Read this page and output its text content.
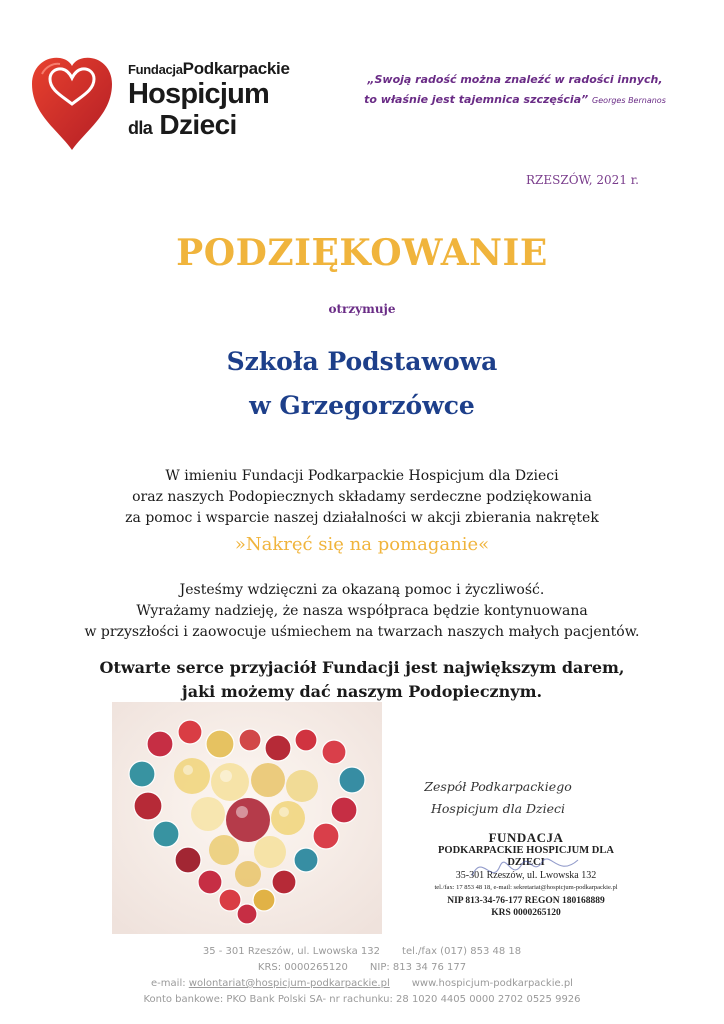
FundacjaPodkarpackie
Hospicjum
dla Dzieci
„Swoją radość można znaleźć w radości innych,
to właśnie jest tajemnica szczęścia” Georges Bernanos
RZESZÓW, 2021 r.
PODZIĘKOWANIE
otrzymuje
Szkoła Podstawowa
w Grzegorzówce
W imieniu Fundacji Podkarpackie Hospicjum dla Dzieci
oraz naszych Podopiecznych składamy serdeczne podziękowania
za pomoc i wsparcie naszej działalności w akcji zbierania nakrętek
»Nakręć się na pomaganie«
Jesteśmy wdzięczni za okazaną pomoc i życzliwość.
Wyrażamy nadzieję, że nasza współpraca będzie kontynuowana
w przyszłości i zaowocuje uśmiechem na twarzach naszych małych pacjentów.
Otwarte serce przyjaciół Fundacji jest największym darem,
jaki możemy dać naszym Podopiecznym.
Zespół Podkarpackiego
Hospicjum dla Dzieci
FUNDACJA
PODKARPACKIE HOSPICJUM DLA DZIECI
35-301 Rzeszów, ul. Lwowska 132
tel./fax: 17 853 48 18, e-mail: sekretariat@hospicjum-podkarpackie.pl
NIP 813-34-76-177 REGON 180168889
KRS 0000265120
35 - 301 Rzeszów, ul. Lwowska 132 tel./fax (017) 853 48 18
KRS: 0000265120 NIP: 813 34 76 177
e-mail: wolontariat@hospicjum-podkarpackie.pl www.hospicjum-podkarpackie.pl
Konto bankowe: PKO Bank Polski SA- nr rachunku: 28 1020 4405 0000 2702 0525 9926
